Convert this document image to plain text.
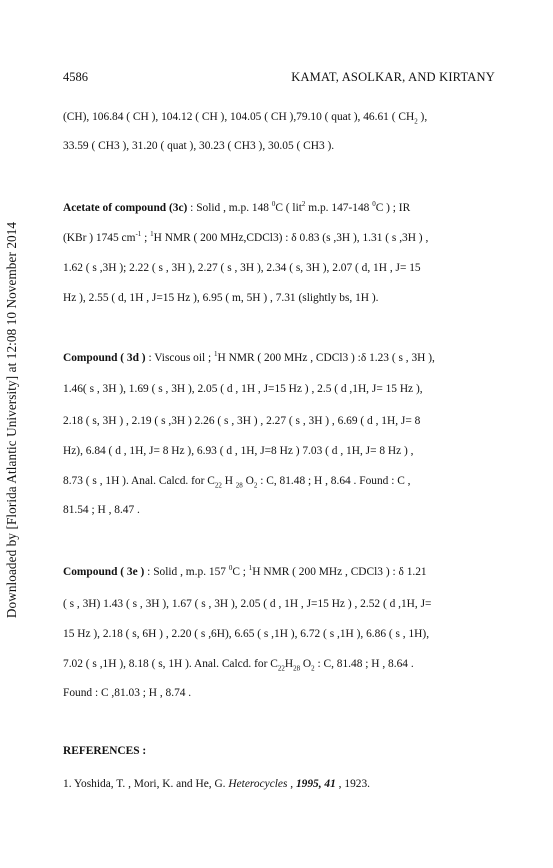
Downloaded by [Florida Atlantic University] at 12:08 10 November 2014
4586	KAMAT, ASOLKAR, AND KIRTANY
(CH), 106.84 ( CH ), 104.12 ( CH ), 104.05 ( CH ),79.10 ( quat ), 46.61 ( $CH_2$ ),
33.59 ( CH3 ), 31.20 ( quat ), 30.23 ( CH3 ), 30.05 ( CH3 ).
Acetate of compound (3c) : Solid , m.p. 148 $^0$C ( lit$^2$ m.p. 147-148 $^0$C ) ; IR
(KBr ) 1745 $cm^{-1}$ ; $^1$H NMR ( 200 MHz,CDCl3) : δ 0.83 (s ,3H ), 1.31 ( s ,3H ) ,
1.62 ( s ,3H ); 2.22 ( s , 3H ), 2.27 ( s , 3H ), 2.34 ( s, 3H ), 2.07 ( d, 1H , J= 15
Hz ), 2.55 ( d, 1H , J=15 Hz ), 6.95 ( m, 5H ) , 7.31 (slightly bs, 1H ).
Compound ( 3d ) : Viscous oil ; $^1$H NMR ( 200 MHz , CDCl3 ) :δ 1.23 ( s , 3H ),
1.46( s , 3H ), 1.69 ( s , 3H ), 2.05 ( d , 1H , J=15 Hz ) , 2.5 ( d ,1H, J= 15 Hz ),
2.18 ( s, 3H ) , 2.19 ( s ,3H ) 2.26 ( s , 3H ) , 2.27 ( s , 3H ) , 6.69 ( d , 1H, J= 8
Hz), 6.84 ( d , 1H, J= 8 Hz ), 6.93 ( d , 1H, J=8 Hz ) 7.03 ( d , 1H, J= 8 Hz ) ,
8.73 ( s , 1H ). Anal. Calcd. for $C_{22}$ H $_{28}$ $O_2$ : C, 81.48 ; H , 8.64 . Found : C ,
81.54 ; H , 8.47 .
Compound ( 3e ) : Solid , m.p. 157 $^0$C ; $^1$H NMR ( 200 MHz , CDCl3 ) : δ 1.21
( s , 3H) 1.43 ( s , 3H ), 1.67 ( s , 3H ), 2.05 ( d , 1H , J=15 Hz ) , 2.52 ( d ,1H, J=
15 Hz ), 2.18 ( s, 6H ) , 2.20 ( s ,6H), 6.65 ( s ,1H ), 6.72 ( s ,1H ), 6.86 ( s , 1H),
7.02 ( s ,1H ), 8.18 ( s, 1H ). Anal. Calcd. for $C_{22}H_{28}$ $O_2$ : C, 81.48 ; H , 8.64 .
Found : C ,81.03 ; H , 8.74 .
REFERENCES :
1. Yoshida, T. , Mori, K. and He, G. Heterocycles , 1995, 41 , 1923.
